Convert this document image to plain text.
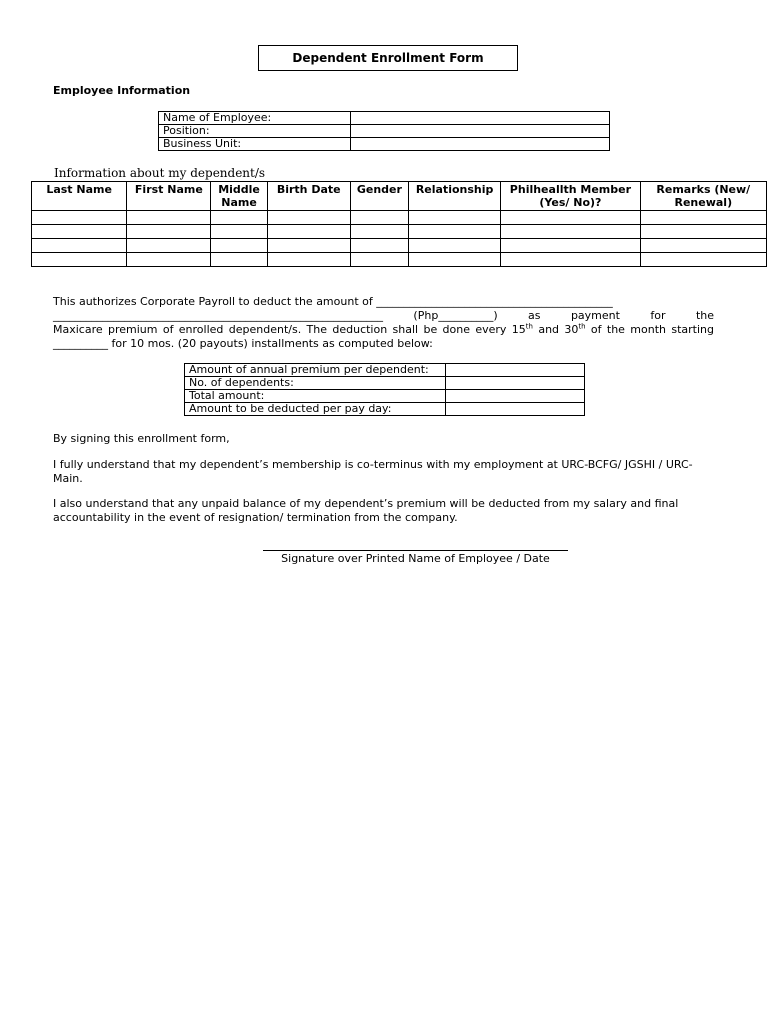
Dependent Enrollment Form
Employee Information
Name of Employee:	
Position:	
Business Unit:	
Information about my dependent/s
Last Name	First Name	Middle Name	Birth Date	Gender	Relationship	Philheallth Member (Yes/ No)?	Remarks (New/ Renewal)

This authorizes Corporate Payroll to deduct the amount of ___________________________________________
____________________________________________________________ (Php__________) as payment for the
Maxicare premium of enrolled dependent/s. The deduction shall be done every 15th and 30th of the month starting
__________ for 10 mos. (20 payouts) installments as computed below:
Amount of annual premium per dependent:	
No. of dependents:	
Total amount:	
Amount to be deducted per pay day:	
By signing this enrollment form,
I fully understand that my dependent’s membership is co-terminus with my employment at URC-BCFG/ JGSHI / URC-Main.
I also understand that any unpaid balance of my dependent’s premium will be deducted from my salary and final accountability in the event of resignation/ termination from the company.
Signature over Printed Name of Employee / Date
